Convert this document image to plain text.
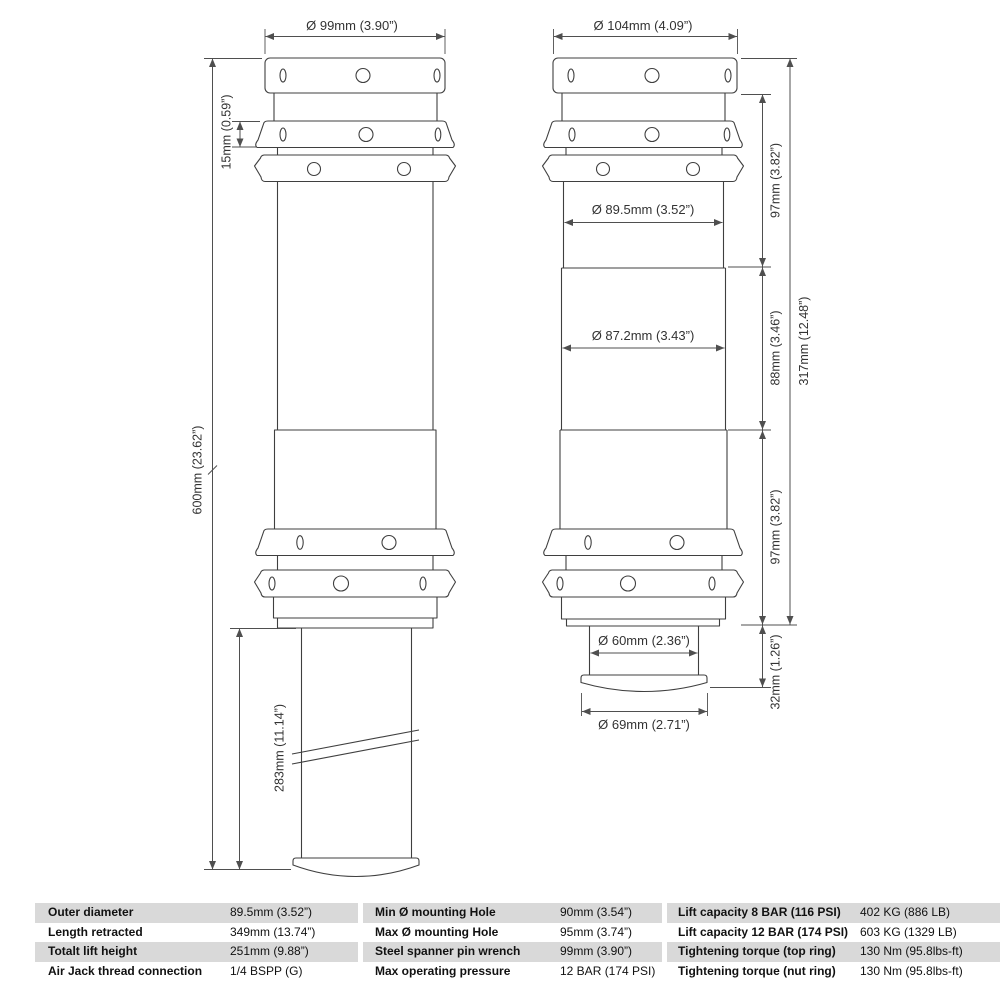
Ø 99mm (3.90”)
600mm (23.62”)
15mm (0.59”)
283mm (11.14”)
Ø 104mm (4.09”)
Ø 89.5mm (3.52”)
Ø 87.2mm (3.43”)
Ø 60mm (2.36”)
Ø 69mm (2.71”)
97mm (3.82”)
88mm (3.46”)
97mm (3.82”)
32mm (1.26”)
317mm (12.48”)
Outer diameter	89.5mm (3.52”)
Length retracted	349mm (13.74”)
Totalt lift height	251mm (9.88”)
Air Jack thread connection	1/4 BSPP (G)
Min Ø mounting Hole	90mm (3.54”)
Max Ø mounting Hole	95mm (3.74”)
Steel spanner pin wrench	99mm (3.90”)
Max operating pressure	12 BAR (174 PSI)
Lift capacity 8 BAR (116 PSI)	402 KG (886 LB)
Lift capacity 12 BAR (174 PSI) 603 KG (1329 LB)
Tightening torque (top ring)	130 Nm (95.8lbs-ft)
Tightening torque (nut ring)	130 Nm (95.8lbs-ft)
